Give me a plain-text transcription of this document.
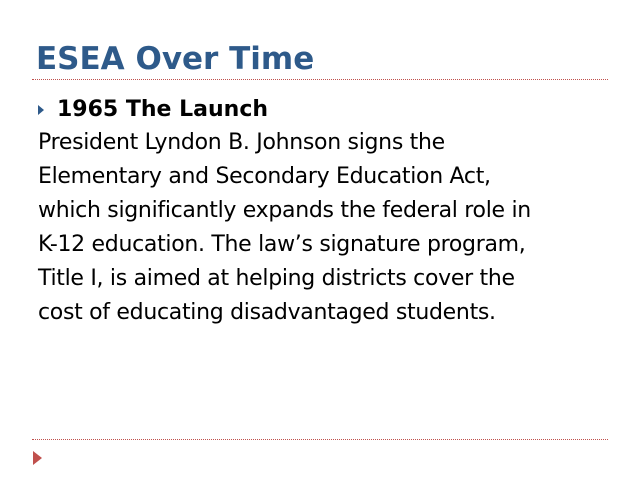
ESEA Over Time
1965 The Launch
President Lyndon B. Johnson signs the
Elementary and Secondary Education Act,
which significantly expands the federal role in
K-12 education. The law’s signature program,
Title I, is aimed at helping districts cover the
cost of educating disadvantaged students.
